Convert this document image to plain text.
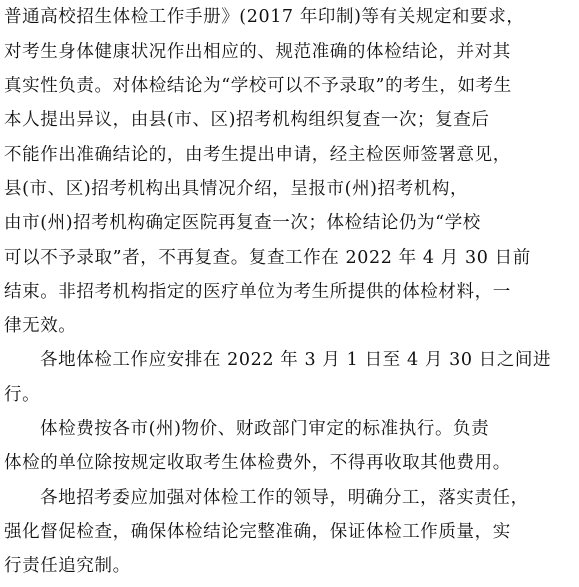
普通高校招生体检工作手册》(2017 年印制)等有关规定和要求，
对考生身体健康状况作出相应的、规范准确的体检结论，并对其
真实性负责。对体检结论为“学校可以不予录取”的考生，如考生
本人提出异议，由县(市、区)招考机构组织复查一次；复查后
不能作出准确结论的，由考生提出申请，经主检医师签署意见，
县(市、区)招考机构出具情况介绍，呈报市(州)招考机构，
由市(州)招考机构确定医院再复查一次；体检结论仍为“学校
可以不予录取”者，不再复查。复查工作在 2022 年 4 月 30 日前
结束。非招考机构指定的医疗单位为考生所提供的体检材料，一
律无效。
各地体检工作应安排在 2022 年 3 月 1 日至 4 月 30 日之间进
行。
体检费按各市(州)物价、财政部门审定的标准执行。负责
体检的单位除按规定收取考生体检费外，不得再收取其他费用。
各地招考委应加强对体检工作的领导，明确分工，落实责任，
强化督促检查，确保体检结论完整准确，保证体检工作质量，实
行责任追究制。
